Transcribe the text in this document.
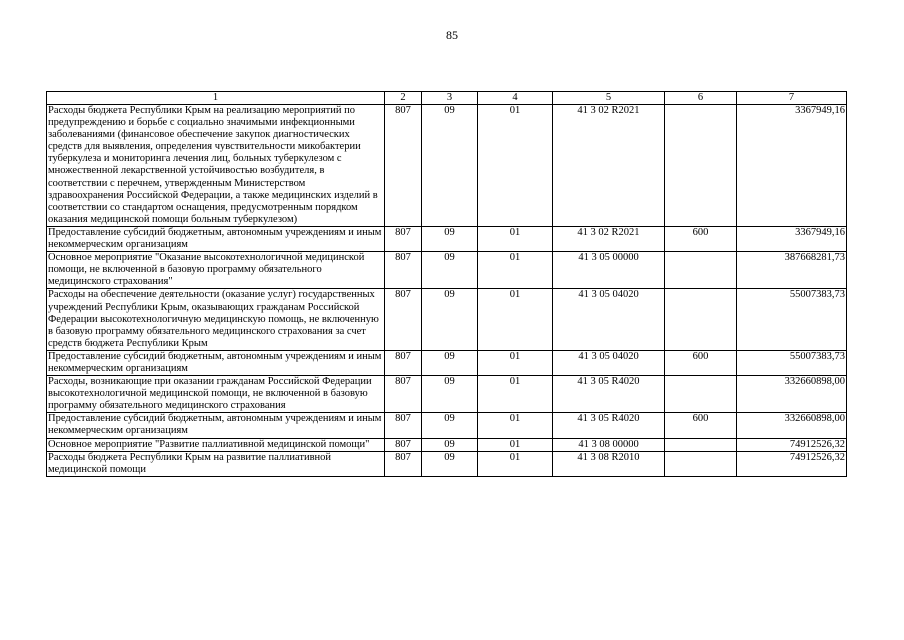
85
1	2	3	4	5	6	7
Расходы бюджета Республики Крым на реализацию мероприятий по предупреждению и борьбе с социально значимыми инфекционными заболеваниями (финансовое обеспечение закупок диагностических средств для выявления, определения чувствительности микобактерии туберкулеза и мониторинга лечения лиц, больных туберкулезом с множественной лекарственной устойчивостью возбудителя, в соответствии с перечнем, утвержденным Министерством здравоохранения Российской Федерации, а также медицинских изделий в соответствии со стандартом оснащения, предусмотренным порядком оказания медицинской помощи больным туберкулезом)	807	09	01	41 3 02 R2021		3367949,16
Предоставление субсидий бюджетным, автономным учреждениям и иным некоммерческим организациям	807	09	01	41 3 02 R2021	600	3367949,16
Основное мероприятие "Оказание высокотехнологичной медицинской помощи, не включенной в базовую программу обязательного медицинского страхования"	807	09	01	41 3 05 00000		387668281,73
Расходы на обеспечение деятельности (оказание услуг) государственных учреждений Республики Крым, оказывающих гражданам Российской Федерации высокотехнологичную медицинскую помощь, не включенную в базовую программу обязательного медицинского страхования за счет средств бюджета Республики Крым	807	09	01	41 3 05 04020		55007383,73
Предоставление субсидий бюджетным, автономным учреждениям и иным некоммерческим организациям	807	09	01	41 3 05 04020	600	55007383,73
Расходы, возникающие при оказании гражданам Российской Федерации высокотехнологичной медицинской помощи, не включенной в базовую программу обязательного медицинского страхования	807	09	01	41 3 05 R4020		332660898,00
Предоставление субсидий бюджетным, автономным учреждениям и иным некоммерческим организациям	807	09	01	41 3 05 R4020	600	332660898,00
Основное мероприятие "Развитие паллиативной медицинской помощи"	807	09	01	41 3 08 00000		74912526,32
Расходы бюджета Республики Крым на развитие паллиативной медицинской помощи	807	09	01	41 3 08 R2010		74912526,32
